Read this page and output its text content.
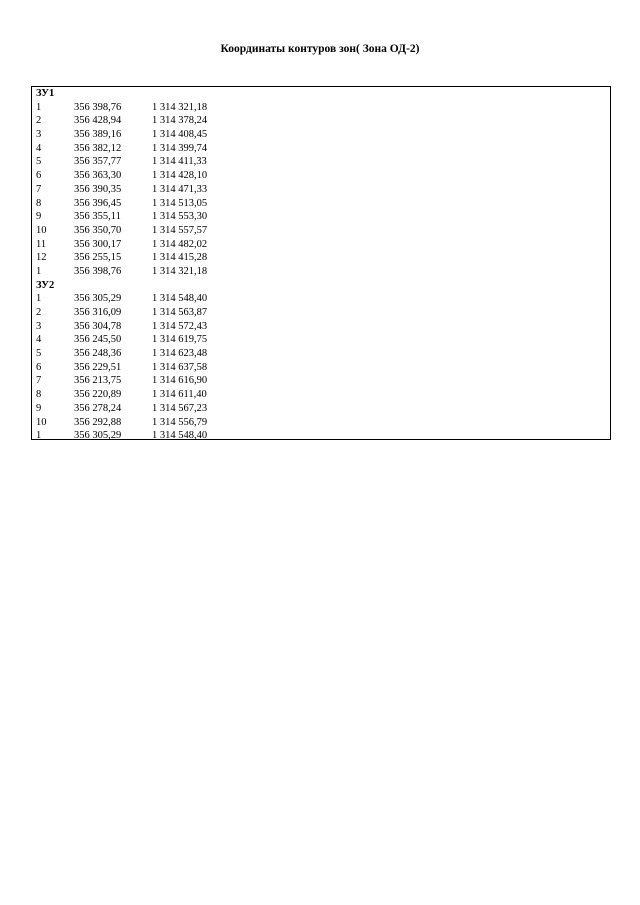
Координаты контуров зон( Зона ОД-2)
ЗУ1
1	356 398,76	1 314 321,18
2	356 428,94	1 314 378,24
3	356 389,16	1 314 408,45
4	356 382,12	1 314 399,74
5	356 357,77	1 314 411,33
6	356 363,30	1 314 428,10
7	356 390,35	1 314 471,33
8	356 396,45	1 314 513,05
9	356 355,11	1 314 553,30
10	356 350,70	1 314 557,57
11	356 300,17	1 314 482,02
12	356 255,15	1 314 415,28
1	356 398,76	1 314 321,18
ЗУ2
1	356 305,29	1 314 548,40
2	356 316,09	1 314 563,87
3	356 304,78	1 314 572,43
4	356 245,50	1 314 619,75
5	356 248,36	1 314 623,48
6	356 229,51	1 314 637,58
7	356 213,75	1 314 616,90
8	356 220,89	1 314 611,40
9	356 278,24	1 314 567,23
10	356 292,88	1 314 556,79
1	356 305,29	1 314 548,40
